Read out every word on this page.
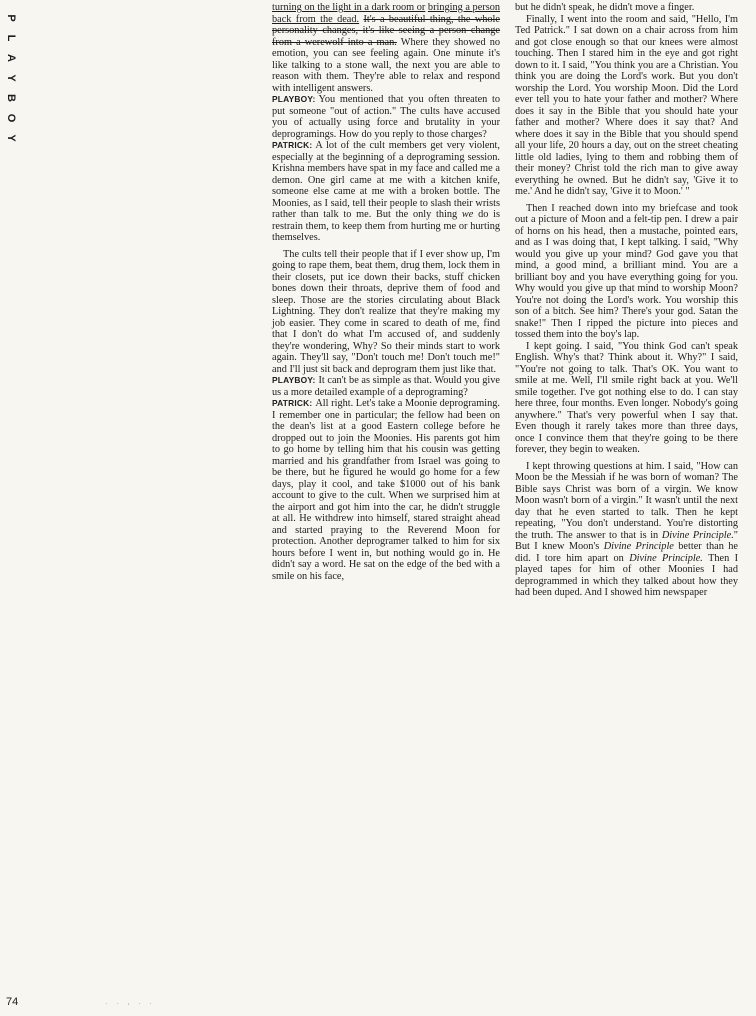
P
L
A
Y
B
O
Y
74	. . , . .

turning on the light in a dark room or bringing a person back from the dead. It's a beautiful thing, the whole personality changes, it's like seeing a person change from a werewolf into a man. Where they showed no emotion, you can see feeling again. One minute it's like talking to a stone wall, the next you are able to reason with them. They're able to relax and respond with intelligent answers.

PLAYBOY: You mentioned that you often threaten to put someone "out of action." The cults have accused you of actually using force and brutality in your deprogramings. How do you reply to those charges?

PATRICK: A lot of the cult members get very violent, especially at the beginning of a deprograming session. Krishna members have spat in my face and called me a demon. One girl came at me with a kitchen knife, someone else came at me with a broken bottle. The Moonies, as I said, tell their people to slash their wrists rather than talk to me. But the only thing we do is restrain them, to keep them from hurting me or hurting themselves.

The cults tell their people that if I ever show up, I'm going to rape them, beat them, drug them, lock them in their closets, put ice down their backs, stuff chicken bones down their throats, deprive them of food and sleep. Those are the stories circulating about Black Lightning. They don't realize that they're making my job easier. They come in scared to death of me, find that I don't do what I'm accused of, and suddenly they're wondering, Why? So their minds start to work again. They'll say, "Don't touch me! Don't touch me!" and I'll just sit back and deprogram them just like that.

PLAYBOY: It can't be as simple as that. Would you give us a more detailed example of a deprograming?

PATRICK: All right. Let's take a Moonie deprograming. I remember one in particular; the fellow had been on the dean's list at a good Eastern college before he dropped out to join the Moonies. His parents got him to go home by telling him that his cousin was getting married and his grandfather from Israel was going to be there, but he figured he would go home for a few days, play it cool, and take $1000 out of his bank account to give to the cult. When we surprised him at the airport and got him into the car, he didn't struggle at all. He withdrew into himself, stared straight ahead and started praying to the Reverend Moon for protection. Another deprogramer talked to him for six hours before I went in, but nothing would go in. He didn't say a word. He sat on the edge of the bed with a smile on his face,

but he didn't speak, he didn't move a finger.

Finally, I went into the room and said, "Hello, I'm Ted Patrick." I sat down on a chair across from him and got close enough so that our knees were almost touching. Then I stared him in the eye and got right down to it. I said, "You think you are a Christian. You think you are doing the Lord's work. But you don't worship the Lord. You worship Moon. Did the Lord ever tell you to hate your father and mother? Where does it say in the Bible that you should hate your father and mother? Where does it say that? And where does it say in the Bible that you should spend all your life, 20 hours a day, out on the street cheating little old ladies, lying to them and robbing them of their money? Christ told the rich man to give away everything he owned. But he didn't say, 'Give it to me.' And he didn't say, 'Give it to Moon.' "

Then I reached down into my briefcase and took out a picture of Moon and a felt-tip pen. I drew a pair of horns on his head, then a mustache, pointed ears, and as I was doing that, I kept talking. I said, "Why would you give up your mind? God gave you that mind, a good mind, a brilliant mind. You are a brilliant boy and you have everything going for you. Why would you give up that mind to worship Moon? You're not doing the Lord's work. You worship this son of a bitch. See him? There's your god. Satan the snake!" Then I ripped the picture into pieces and tossed them into the boy's lap.

I kept going. I said, "You think God can't speak English. Why's that? Think about it. Why?" I said, "You're not going to talk. That's OK. You want to smile at me. Well, I'll smile right back at you. We'll smile together. I've got nothing else to do. I can stay here three, four months. Even longer. Nobody's going anywhere." That's very powerful when I say that. Even though it rarely takes more than three days, once I convince them that they're going to be there forever, they begin to weaken.

I kept throwing questions at him. I said, "How can Moon be the Messiah if he was born of woman? The Bible says Christ was born of a virgin. We know Moon wasn't born of a virgin." It wasn't until the next day that he even started to talk. Then he kept repeating, "You don't understand. You're distorting the truth. The answer to that is in Divine Principle." But I knew Moon's Divine Principle better than he did. I tore him apart on Divine Principle. Then I played tapes for him of other Moonies I had deprogrammed in which they talked about how they had been duped. And I showed him newspaper
